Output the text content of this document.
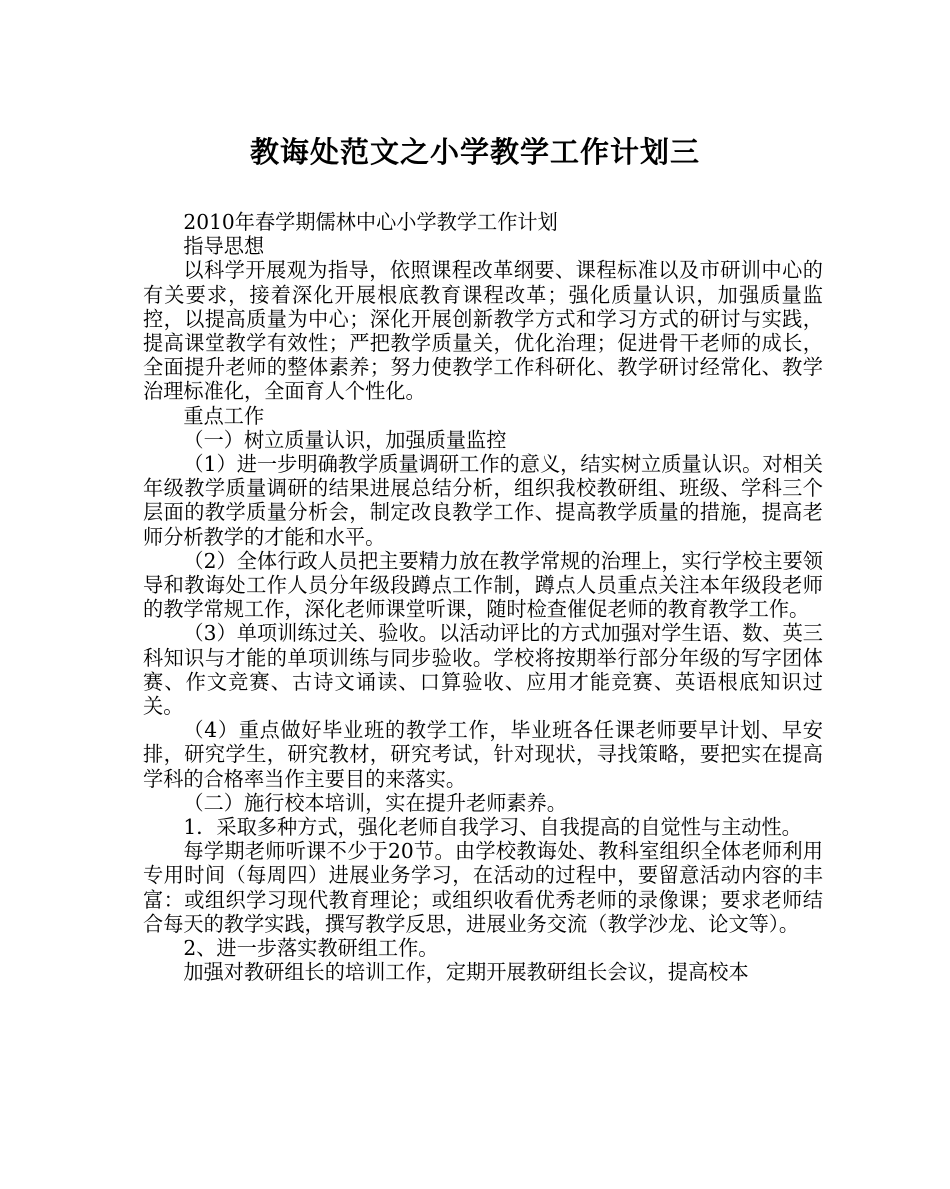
教诲处范文之小学教学工作计划三

2010年春学期儒林中心小学教学工作计划

指导思想

以科学开展观为指导，依照课程改革纲要、课程标准以及市研训中心的有关要求，接着深化开展根底教育课程改革；强化质量认识，加强质量监控，以提高质量为中心；深化开展创新教学方式和学习方式的研讨与实践，提高课堂教学有效性；严把教学质量关，优化治理；促进骨干老师的成长，全面提升老师的整体素养；努力使教学工作科研化、教学研讨经常化、教学治理标准化，全面育人个性化。

重点工作

（一）树立质量认识，加强质量监控

（1）进一步明确教学质量调研工作的意义，结实树立质量认识。对相关年级教学质量调研的结果进展总结分析，组织我校教研组、班级、学科三个层面的教学质量分析会，制定改良教学工作、提高教学质量的措施，提高老师分析教学的才能和水平。

（2）全体行政人员把主要精力放在教学常规的治理上，实行学校主要领导和教诲处工作人员分年级段蹲点工作制，蹲点人员重点关注本年级段老师的教学常规工作，深化老师课堂听课，随时检查催促老师的教育教学工作。

（3）单项训练过关、验收。以活动评比的方式加强对学生语、数、英三科知识与才能的单项训练与同步验收。学校将按期举行部分年级的写字团体赛、作文竞赛、古诗文诵读、口算验收、应用才能竞赛、英语根底知识过关。

（4）重点做好毕业班的教学工作，毕业班各任课老师要早计划、早安排，研究学生，研究教材，研究考试，针对现状，寻找策略，要把实在提高学科的合格率当作主要目的来落实。

（二）施行校本培训，实在提升老师素养。

1．采取多种方式，强化老师自我学习、自我提高的自觉性与主动性。

每学期老师听课不少于20节。由学校教诲处、教科室组织全体老师利用专用时间（每周四）进展业务学习，在活动的过程中，要留意活动内容的丰富：或组织学习现代教育理论；或组织收看优秀老师的录像课；要求老师结合每天的教学实践，撰写教学反思，进展业务交流（教学沙龙、论文等）。

2、进一步落实教研组工作。

加强对教研组长的培训工作，定期开展教研组长会议，提高校本
